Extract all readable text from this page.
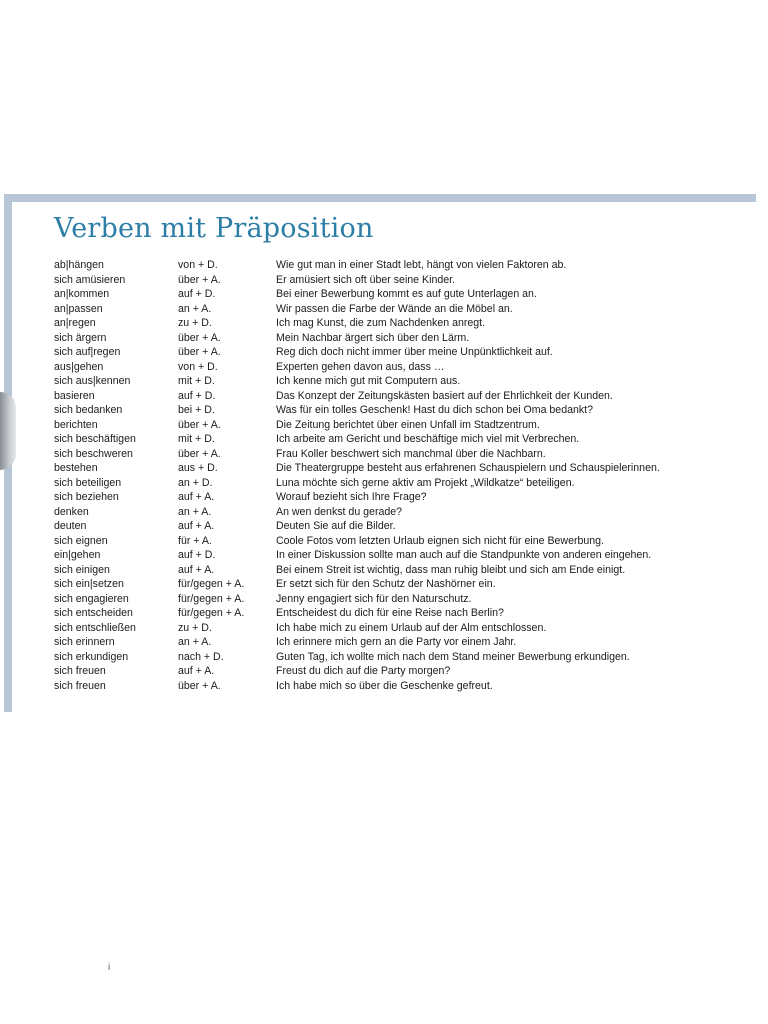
Verben mit Präposition
ab|hängen	von + D.	Wie gut man in einer Stadt lebt, hängt von vielen Faktoren ab.
sich amüsieren	über + A.	Er amüsiert sich oft über seine Kinder.
an|kommen	auf + D.	Bei einer Bewerbung kommt es auf gute Unterlagen an.
an|passen	an + A.	Wir passen die Farbe der Wände an die Möbel an.
an|regen	zu + D.	Ich mag Kunst, die zum Nachdenken anregt.
sich ärgern	über + A.	Mein Nachbar ärgert sich über den Lärm.
sich auf|regen	über + A.	Reg dich doch nicht immer über meine Unpünktlichkeit auf.
aus|gehen	von + D.	Experten gehen davon aus, dass …
sich aus|kennen	mit + D.	Ich kenne mich gut mit Computern aus.
basieren	auf + D.	Das Konzept der Zeitungskästen basiert auf der Ehrlichkeit der Kunden.
sich bedanken	bei + D.	Was für ein tolles Geschenk! Hast du dich schon bei Oma bedankt?
berichten	über + A.	Die Zeitung berichtet über einen Unfall im Stadtzentrum.
sich beschäftigen	mit + D.	Ich arbeite am Gericht und beschäftige mich viel mit Verbrechen.
sich beschweren	über + A.	Frau Koller beschwert sich manchmal über die Nachbarn.
bestehen	aus + D.	Die Theatergruppe besteht aus erfahrenen Schauspielern und Schauspielerinnen.
sich beteiligen	an + D.	Luna möchte sich gerne aktiv am Projekt „Wildkatze“ beteiligen.
sich beziehen	auf + A.	Worauf bezieht sich Ihre Frage?
denken	an + A.	An wen denkst du gerade?
deuten	auf + A.	Deuten Sie auf die Bilder.
sich eignen	für + A.	Coole Fotos vom letzten Urlaub eignen sich nicht für eine Bewerbung.
ein|gehen	auf + D.	In einer Diskussion sollte man auch auf die Standpunkte von anderen eingehen.
sich einigen	auf + A.	Bei einem Streit ist wichtig, dass man ruhig bleibt und sich am Ende einigt.
sich ein|setzen	für/gegen + A.	Er setzt sich für den Schutz der Nashörner ein.
sich engagieren	für/gegen + A.	Jenny engagiert sich für den Naturschutz.
sich entscheiden	für/gegen + A.	Entscheidest du dich für eine Reise nach Berlin?
sich entschließen	zu + D.	Ich habe mich zu einem Urlaub auf der Alm entschlossen.
sich erinnern	an + A.	Ich erinnere mich gern an die Party vor einem Jahr.
sich erkundigen	nach + D.	Guten Tag, ich wollte mich nach dem Stand meiner Bewerbung erkundigen.
sich freuen	auf + A.	Freust du dich auf die Party morgen?
sich freuen	über + A.	Ich habe mich so über die Geschenke gefreut.
i
